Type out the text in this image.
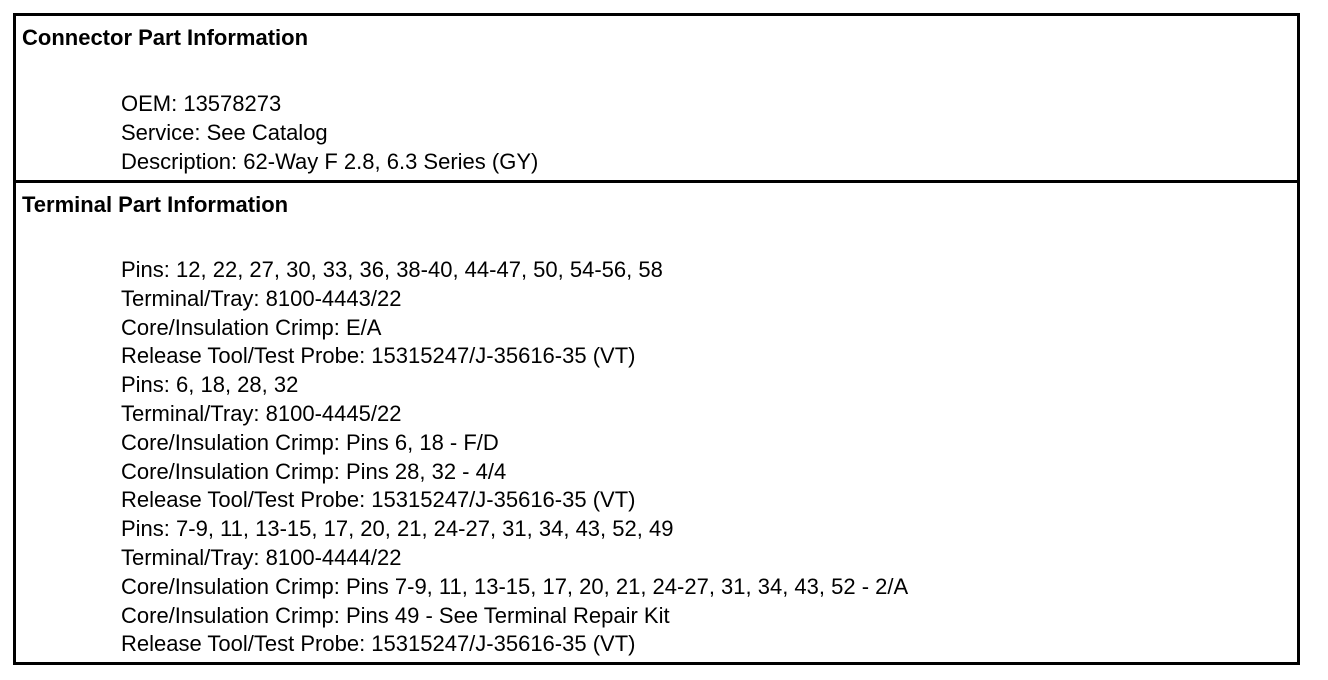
Connector Part Information
OEM: 13578273
Service: See Catalog
Description: 62-Way F 2.8, 6.3 Series (GY)
Terminal Part Information
Pins: 12, 22, 27, 30, 33, 36, 38-40, 44-47, 50, 54-56, 58
Terminal/Tray: 8100-4443/22
Core/Insulation Crimp: E/A
Release Tool/Test Probe: 15315247/J-35616-35 (VT)
Pins: 6, 18, 28, 32
Terminal/Tray: 8100-4445/22
Core/Insulation Crimp: Pins 6, 18 - F/D
Core/Insulation Crimp: Pins 28, 32 - 4/4
Release Tool/Test Probe: 15315247/J-35616-35 (VT)
Pins: 7-9, 11, 13-15, 17, 20, 21, 24-27, 31, 34, 43, 52, 49
Terminal/Tray: 8100-4444/22
Core/Insulation Crimp: Pins 7-9, 11, 13-15, 17, 20, 21, 24-27, 31, 34, 43, 52 - 2/A
Core/Insulation Crimp: Pins 49 - See Terminal Repair Kit
Release Tool/Test Probe: 15315247/J-35616-35 (VT)
